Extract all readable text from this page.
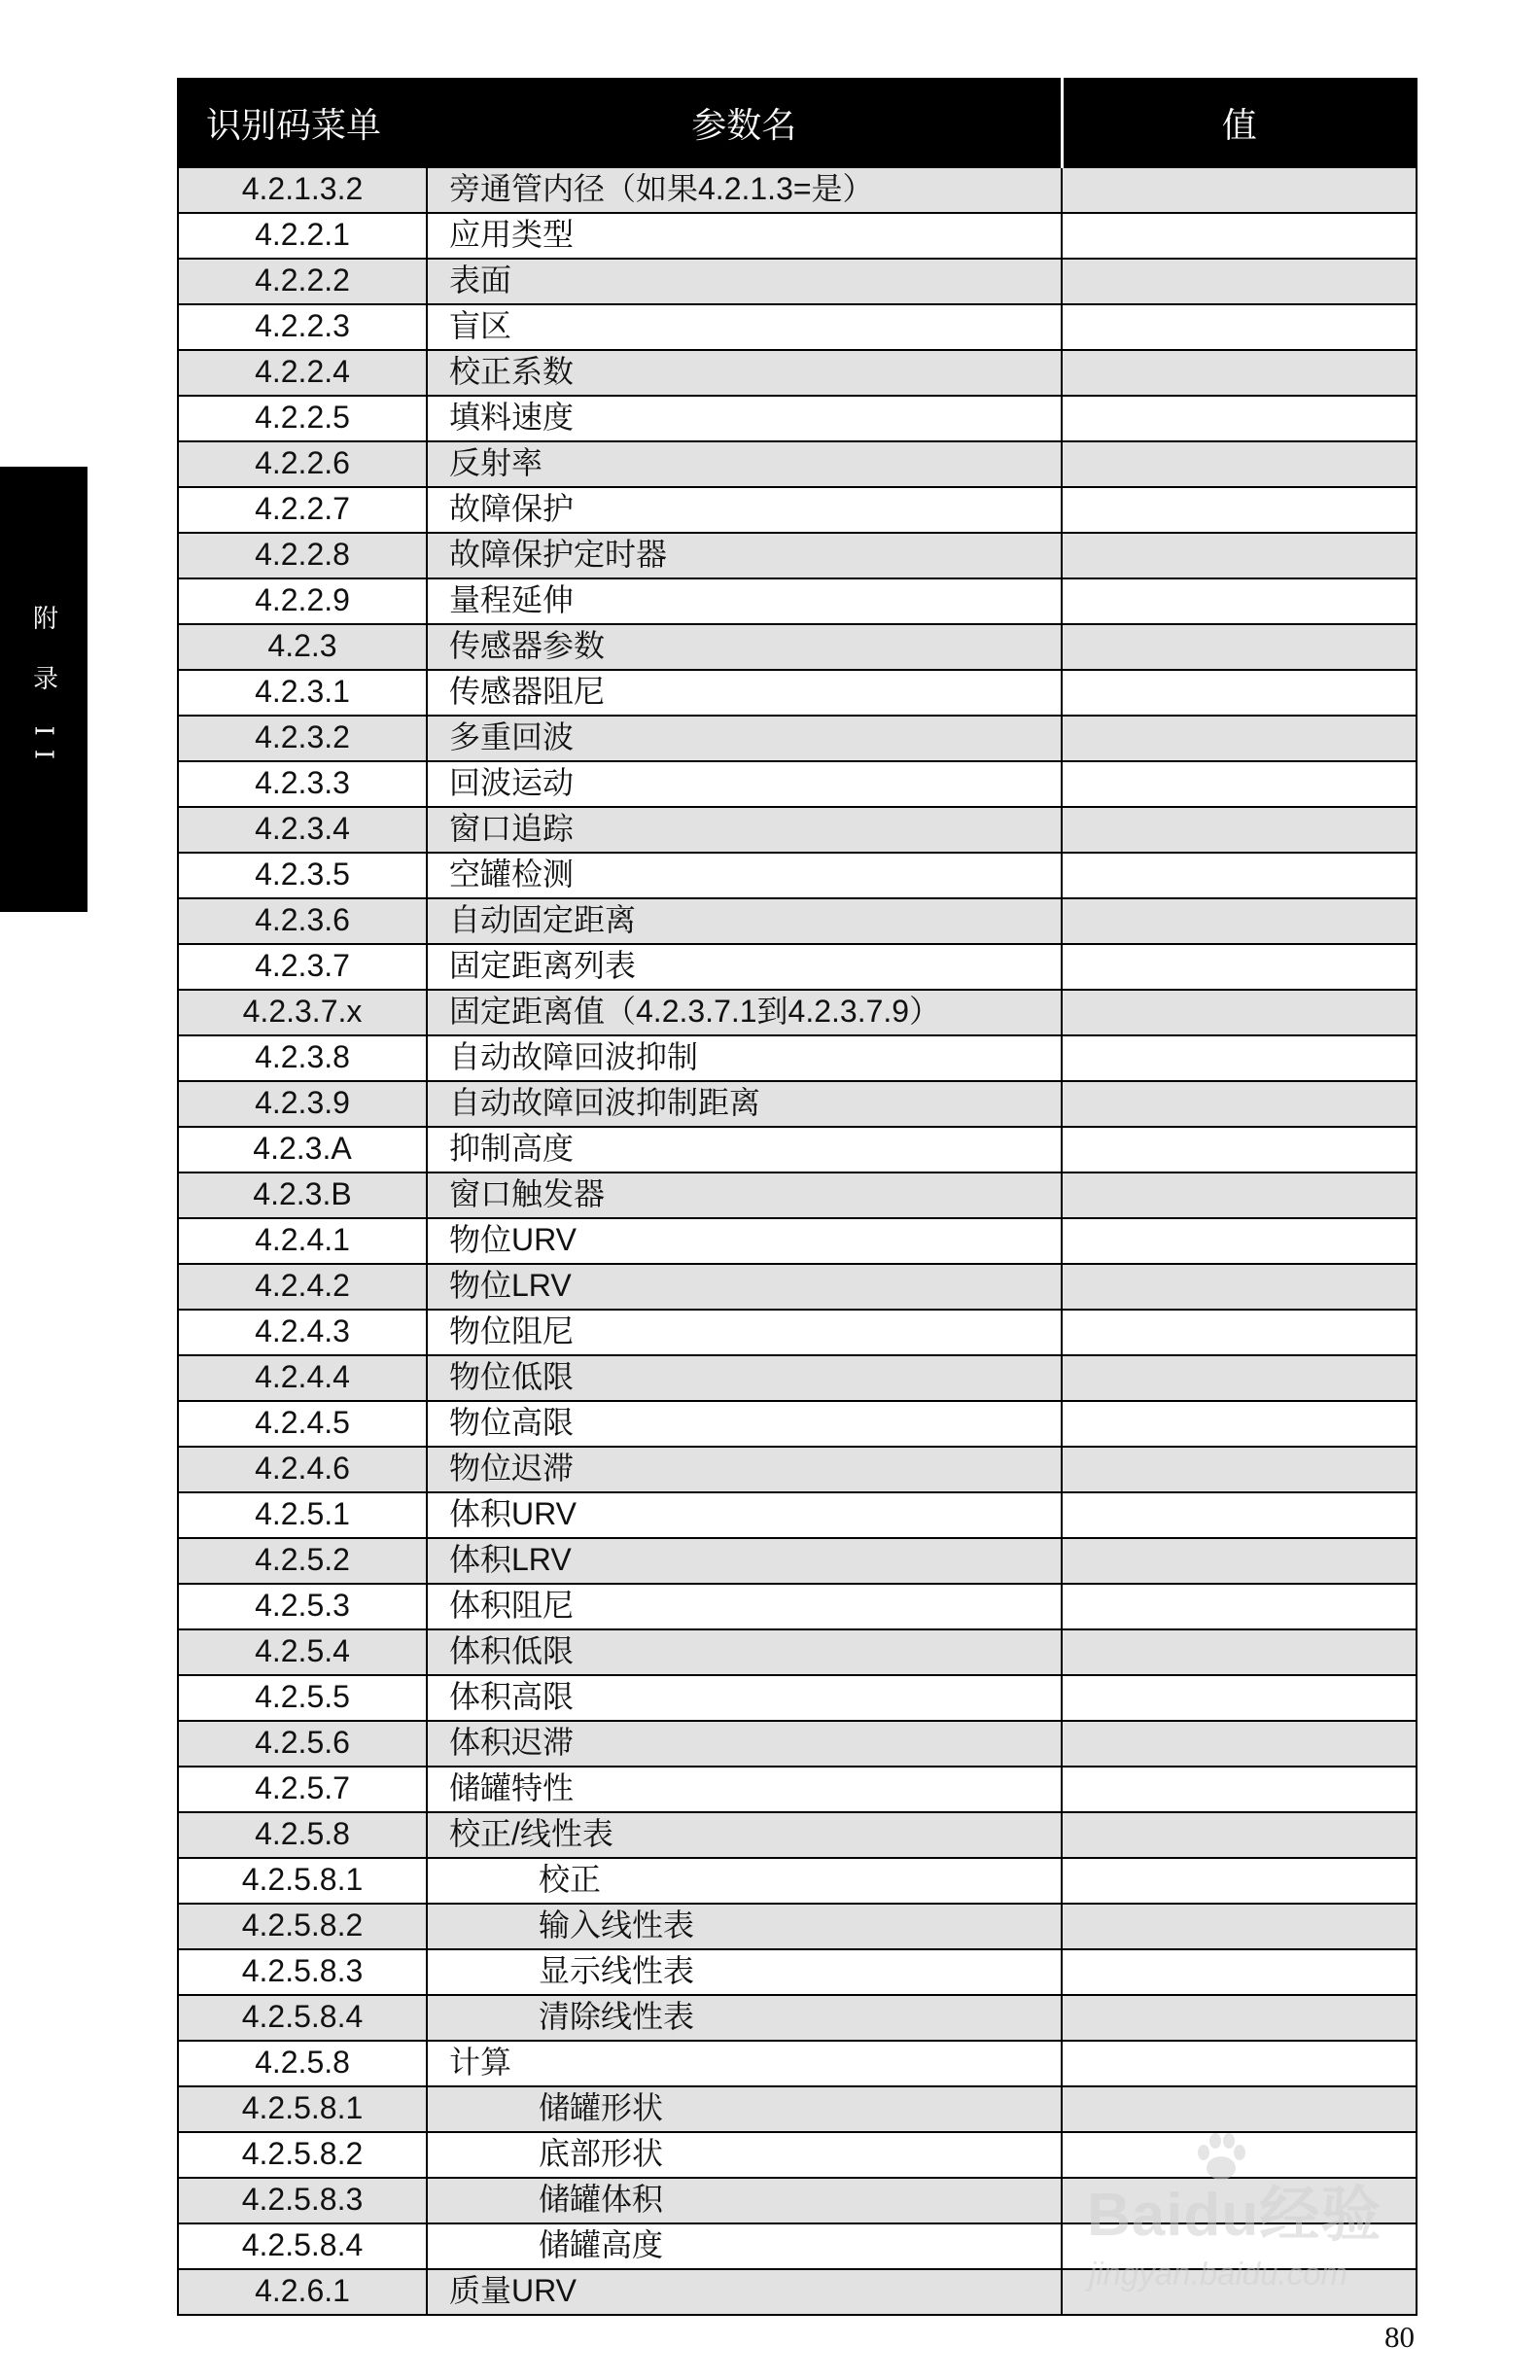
附 录 II
识别码菜单	参数名	值
4.2.1.3.2	旁通管内径（如果4.2.1.3=是）	
4.2.2.1	应用类型	
4.2.2.2	表面	
4.2.2.3	盲区	
4.2.2.4	校正系数	
4.2.2.5	填料速度	
4.2.2.6	反射率	
4.2.2.7	故障保护	
4.2.2.8	故障保护定时器	
4.2.2.9	量程延伸	
4.2.3	传感器参数	
4.2.3.1	传感器阻尼	
4.2.3.2	多重回波	
4.2.3.3	回波运动	
4.2.3.4	窗口追踪	
4.2.3.5	空罐检测	
4.2.3.6	自动固定距离	
4.2.3.7	固定距离列表	
4.2.3.7.x	固定距离值（4.2.3.7.1到4.2.3.7.9）	
4.2.3.8	自动故障回波抑制	
4.2.3.9	自动故障回波抑制距离	
4.2.3.A	抑制高度	
4.2.3.B	窗口触发器	
4.2.4.1	物位URV	
4.2.4.2	物位LRV	
4.2.4.3	物位阻尼	
4.2.4.4	物位低限	
4.2.4.5	物位高限	
4.2.4.6	物位迟滞	
4.2.5.1	体积URV	
4.2.5.2	体积LRV	
4.2.5.3	体积阻尼	
4.2.5.4	体积低限	
4.2.5.5	体积高限	
4.2.5.6	体积迟滞	
4.2.5.7	储罐特性	
4.2.5.8	校正/线性表	
4.2.5.8.1	校正	
4.2.5.8.2	输入线性表	
4.2.5.8.3	显示线性表	
4.2.5.8.4	清除线性表	
4.2.5.8	计算	
4.2.5.8.1	储罐形状	
4.2.5.8.2	底部形状	
4.2.5.8.3	储罐体积	
4.2.5.8.4	储罐高度	
4.2.6.1	质量URV	
80
Baidu经验
jingyan.baidu.com
